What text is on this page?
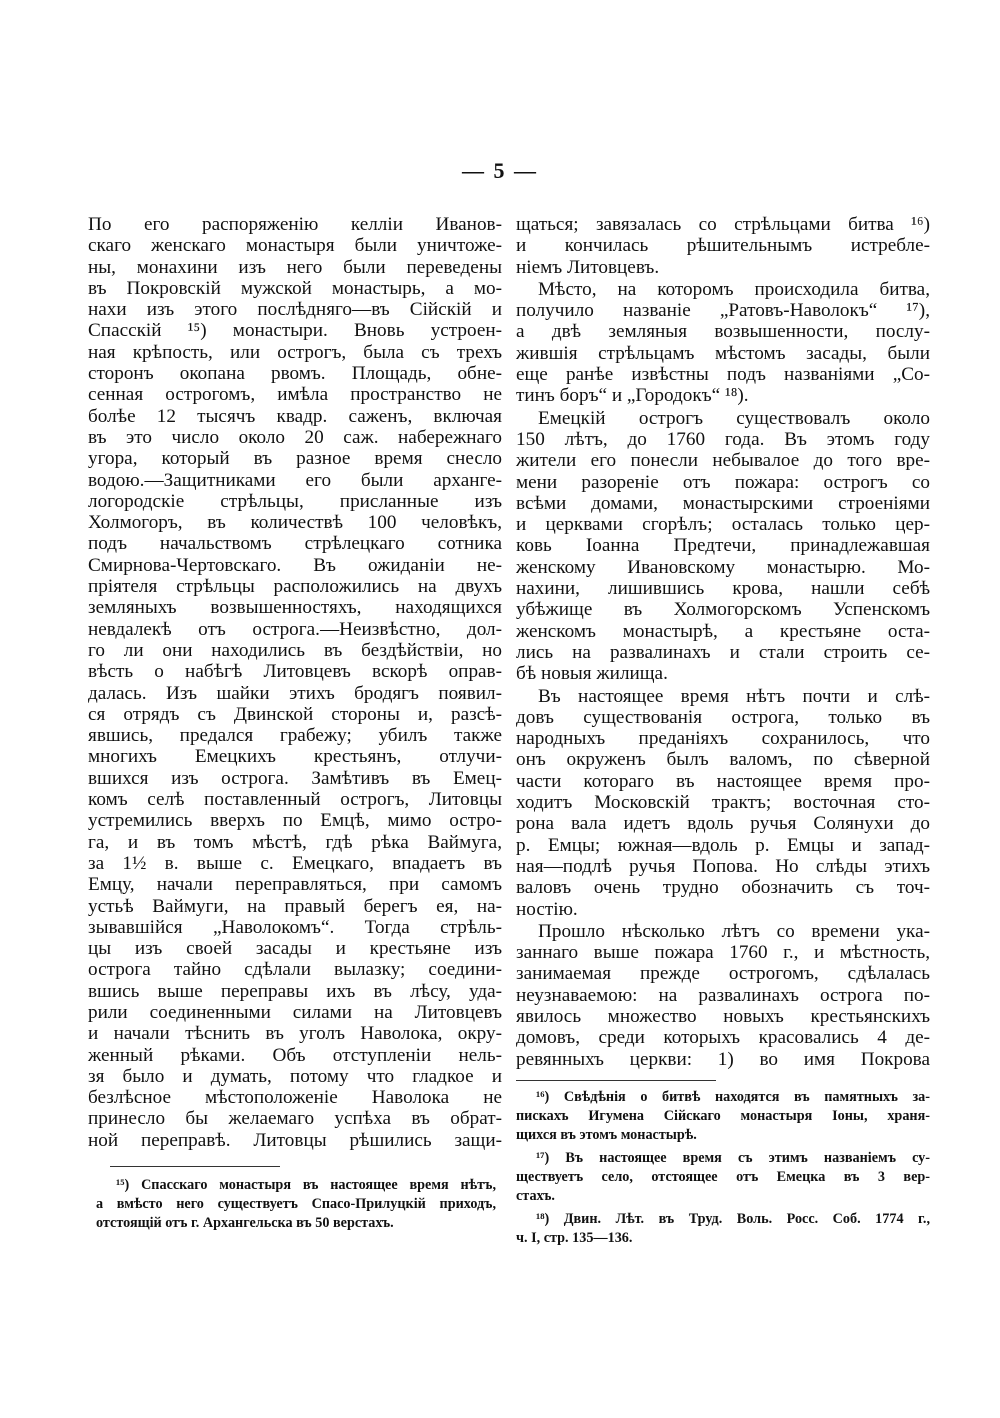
— 5 —
По его распоряженію келліи Иванов-
скаго женскаго монастыря были уничтоже-
ны, монахини изъ него были переведены
въ Покровскій мужской монастырь, а мо-
нахи изъ этого послѣдняго—въ Сійскій и
Спасскій ¹⁵) монастыри. Вновь устроен-
ная крѣпость, или острогъ, была съ трехъ
сторонъ окопана рвомъ. Площадь, обне-
сенная острогомъ, имѣла пространство не
болѣе 12 тысячъ квадр. саженъ, включая
въ это число около 20 саж. набережнаго
угора, который въ разное время снесло
водою.—Защитниками его были арханге-
логородскіе стрѣльцы, присланные изъ
Холмогоръ, въ количествѣ 100 человѣкъ,
подъ начальствомъ стрѣлецкаго сотника
Смирнова-Чертовскаго. Въ ожиданіи не-
пріятеля стрѣльцы расположились на двухъ
земляныхъ возвышенностяхъ, находящихся
невдалекѣ отъ острога.—Неизвѣстно, дол-
го ли они находились въ бездѣйствіи, но
вѣсть о набѣгѣ Литовцевъ вскорѣ оправ-
далась. Изъ шайки этихъ бродягъ появил-
ся отрядъ съ Двинской стороны и, разсѣ-
явшись, предался грабежу; убилъ также
многихъ Емецкихъ крестьянъ, отлучи-
вшихся изъ острога. Замѣтивъ въ Емец-
комъ селѣ поставленный острогъ, Литовцы
устремились вверхъ по Емцѣ, мимо остро-
га, и въ томъ мѣстѣ, гдѣ рѣка Ваймуга,
за 1½ в. выше с. Емецкаго, впадаетъ въ
Емцу, начали переправляться, при самомъ
устьѣ Ваймуги, на правый берегъ ея, на-
зывавшійся „Наволокомъ“. Тогда стрѣль-
цы изъ своей засады и крестьяне изъ
острога тайно сдѣлали вылазку; соедини-
вшись выше переправы ихъ въ лѣсу, уда-
рили соединенными силами на Литовцевъ
и начали тѣснить въ уголъ Наволока, окру-
женный рѣками. Объ отступленіи нель-
зя было и думать, потому что гладкое и
безлѣсное мѣстоположеніе Наволока не
принесло бы желаемаго успѣха въ обрат-
ной переправѣ. Литовцы рѣшились защи-
щаться; завязалась со стрѣльцами битва ¹⁶)
и кончилась рѣшительнымъ истребле-
ніемъ Литовцевъ.
Мѣсто, на которомъ происходила битва,
получило названіе „Ратовъ-Наволокъ“ ¹⁷),
а двѣ земляныя возвышенности, послу-
жившія стрѣльцамъ мѣстомъ засады, были
еще ранѣе извѣстны подъ названіями „Со-
тинъ боръ“ и „Городокъ“ ¹⁸).
Емецкій острогъ существовалъ около
150 лѣтъ, до 1760 года. Въ этомъ году
жители его понесли небывалое до того вре-
мени разореніе отъ пожара: острогъ со
всѣми домами, монастырскими строеніями
и церквами сгорѣлъ; осталась только цер-
ковь Іоанна Предтечи, принадлежавшая
женскому Ивановскому монастырю. Мо-
нахини, лишившись крова, нашли себѣ
убѣжище въ Холмогорскомъ Успенскомъ
женскомъ монастырѣ, а крестьяне оста-
лись на развалинахъ и стали строить се-
бѣ новыя жилища.
Въ настоящее время нѣтъ почти и слѣ-
довъ существованія острога, только въ
народныхъ преданіяхъ сохранилось, что
онъ окруженъ былъ валомъ, по сѣверной
части котораго въ настоящее время про-
ходитъ Московскій трактъ; восточная сто-
рона вала идетъ вдоль ручья Солянухи до
р. Емцы; южная—вдоль р. Емцы и запад-
ная—подлѣ ручья Попова. Но слѣды этихъ
валовъ очень трудно обозначить съ точ-
ностію.
Прошло нѣсколько лѣтъ со времени ука-
заннаго выше пожара 1760 г., и мѣстность,
занимаемая прежде острогомъ, сдѣлалась
неузнаваемою: на развалинахъ острога по-
явилось множество новыхъ крестьянскихъ
домовъ, среди которыхъ красовались 4 де-
ревянныхъ церкви: 1) во имя Покрова
¹⁵) Спасскаго монастыря въ настоящее время нѣтъ,
а вмѣсто него существуетъ Спасо-Прилуцкій приходъ,
отстоящій отъ г. Архангельска въ 50 верстахъ.
¹⁶) Свѣдѣнія о битвѣ находятся въ памятныхъ за-
пискахъ Игумена Сійскаго монастыря Іоны, храня-
щихся въ этомъ монастырѣ.
¹⁷) Въ настоящее время съ этимъ названіемъ су-
ществуетъ село, отстоящее отъ Емецка въ 3 вер-
стахъ.
¹⁸) Двин. Лѣт. въ Труд. Воль. Росс. Соб. 1774 г.,
ч. I, стр. 135—136.
